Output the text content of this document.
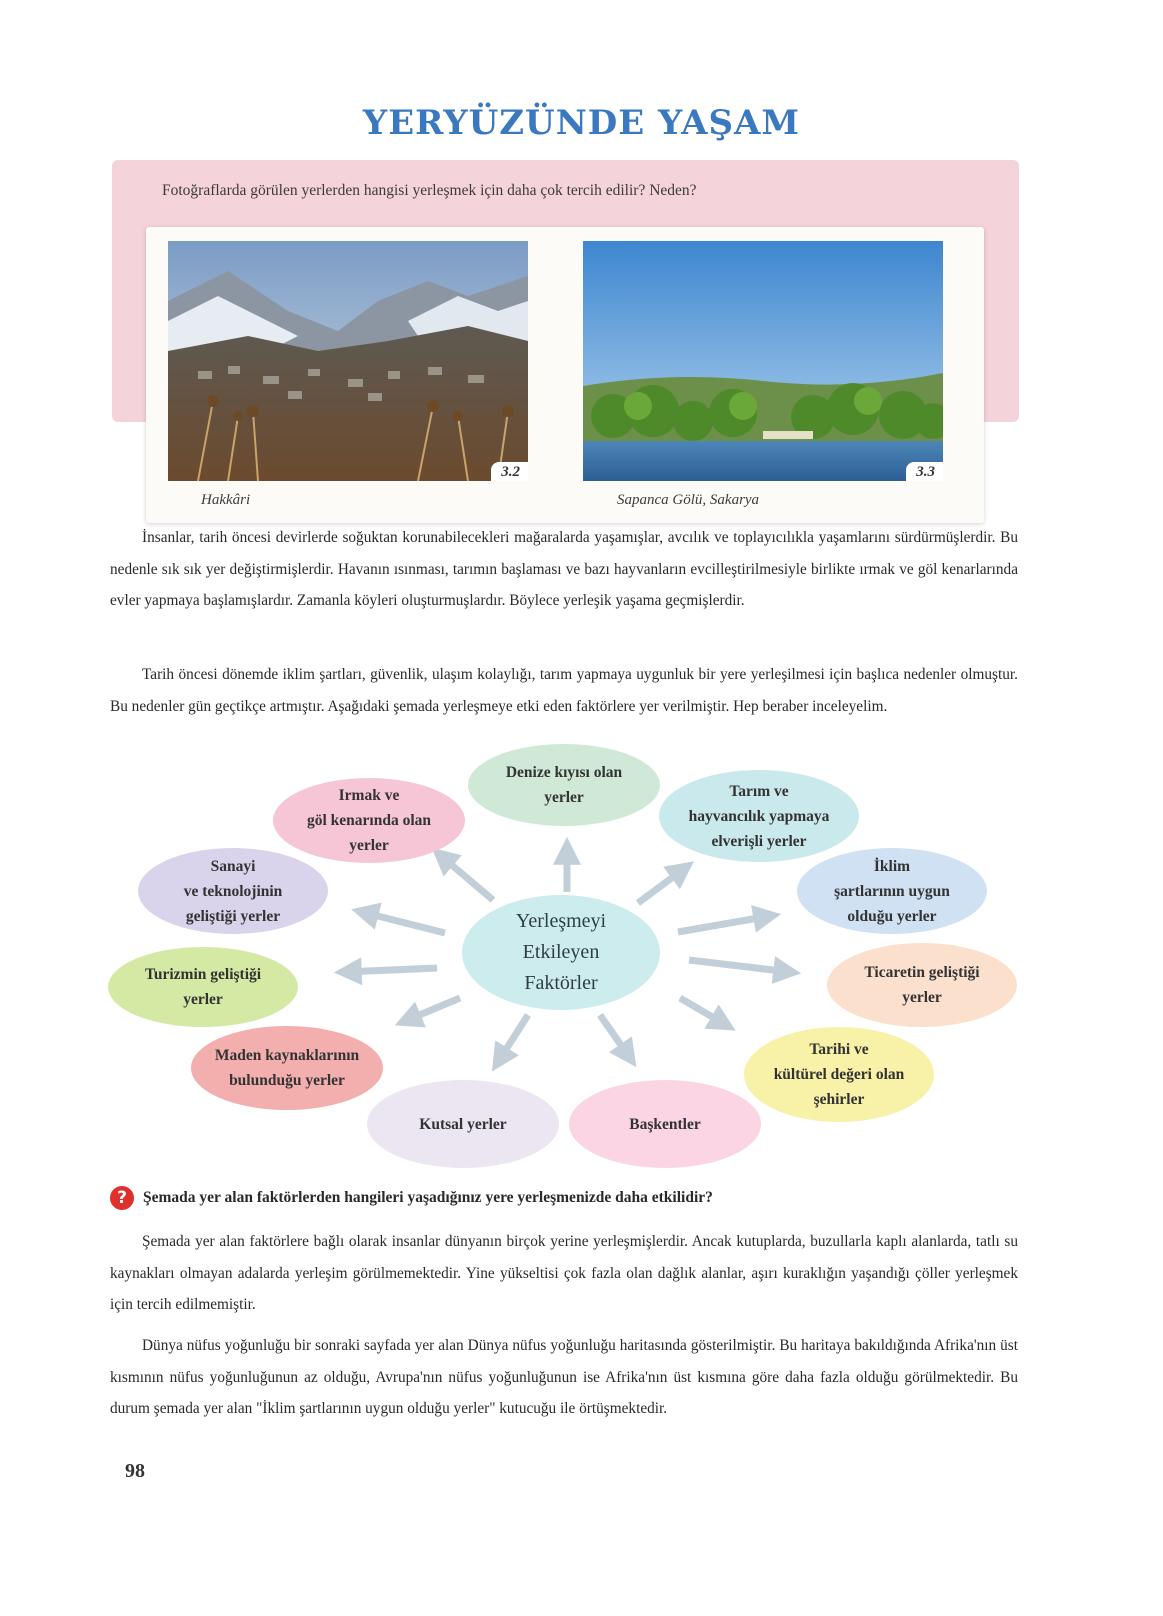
YERYÜZÜNDE YAŞAM
Fotoğraflarda görülen yerlerden hangisi yerleşmek için daha çok tercih edilir? Neden?
3.2	3.3
Hakkâri	Sapanca Gölü, Sakarya

İnsanlar, tarih öncesi devirlerde soğuktan korunabilecekleri mağaralarda yaşamışlar, avcılık ve toplayıcılıkla yaşamlarını sürdürmüşlerdir. Bu nedenle sık sık yer değiştirmişlerdir. Havanın ısınması, tarımın başlaması ve bazı hayvanların evcilleştirilmesiyle birlikte ırmak ve göl kenarlarında evler yapmaya başlamışlardır. Zamanla köyleri oluşturmuşlardır. Böylece yerleşik yaşama geçmişlerdir.

Tarih öncesi dönemde iklim şartları, güvenlik, ulaşım kolaylığı, tarım yapmaya uygunluk bir yere yerleşilmesi için başlıca nedenler olmuştur. Bu nedenler gün geçtikçe artmıştır. Aşağıdaki şemada yerleşmeye etki eden faktörlere yer verilmiştir. Hep beraber inceleyelim.

Yerleşmeyi
Etkileyen
Faktörler
Irmak ve
göl kenarında olan
yerler
Denize kıyısı olan
yerler	Tarım ve
hayvancılık yapmaya
elverişli yerler
Sanayi
ve teknolojinin
geliştiği yerler
İklim
şartlarının uygun
olduğu yerler
Turizmin geliştiği
yerler
Ticaretin geliştiği
yerler
Maden kaynaklarının
bulunduğu yerler
Tarihi ve
kültürel değeri olan
şehirler
Kutsal yerler	Başkentler
?	Şemada yer alan faktörlerden hangileri yaşadığınız yere yerleşmenizde daha etkilidir?

Şemada yer alan faktörlere bağlı olarak insanlar dünyanın birçok yerine yerleşmişlerdir. Ancak kutuplarda, buzullarla kaplı alanlarda, tatlı su kaynakları olmayan adalarda yerleşim görülmemektedir. Yine yükseltisi çok fazla olan dağlık alanlar, aşırı kuraklığın yaşandığı çöller yerleşmek için tercih edilmemiştir.

Dünya nüfus yoğunluğu bir sonraki sayfada yer alan Dünya nüfus yoğunluğu haritasında gösterilmiştir. Bu haritaya bakıldığında Afrika'nın üst kısmının nüfus yoğunluğunun az olduğu, Avrupa'nın nüfus yoğunluğunun ise Afrika'nın üst kısmına göre daha fazla olduğu görülmektedir. Bu durum şemada yer alan "İklim şartlarının uygun olduğu yerler" kutucuğu ile örtüşmektedir.

98
